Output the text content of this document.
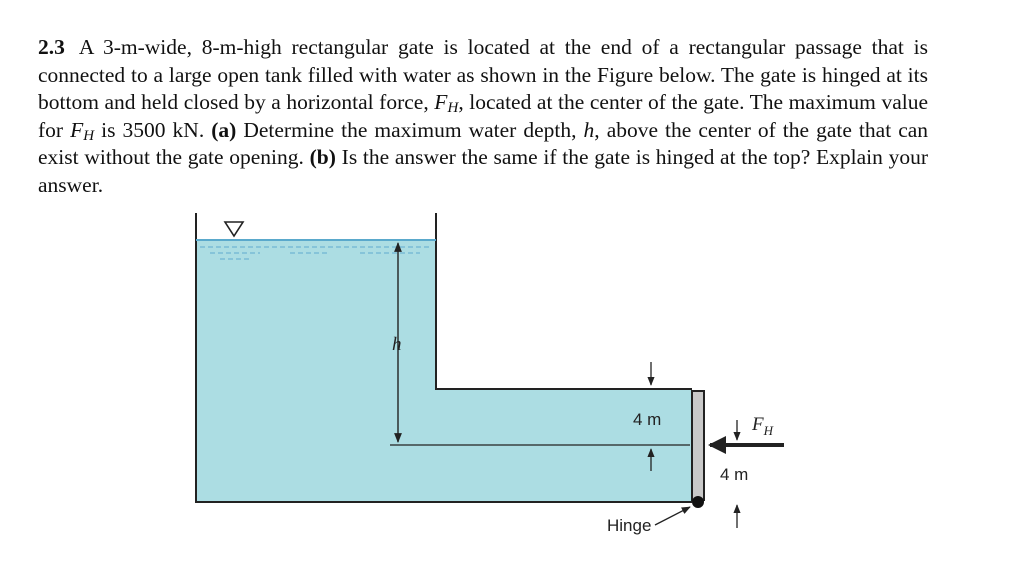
2.3 A 3-m-wide, 8-m-high rectangular gate is located at the end of a rectangular passage that is connected to a large open tank filled with water as shown in the Figure below. The gate is hinged at its bottom and held closed by a horizontal force, $F_H$, located at the center of the gate. The maximum value for $F_H$ is 3500 kN. (a) Determine the maximum water depth, h, above the center of the gate that can exist without the gate opening. (b) Is the answer the same if the gate is hinged at the top? Explain your answer.

h
4 m	$F_H$
4 m
Hinge
